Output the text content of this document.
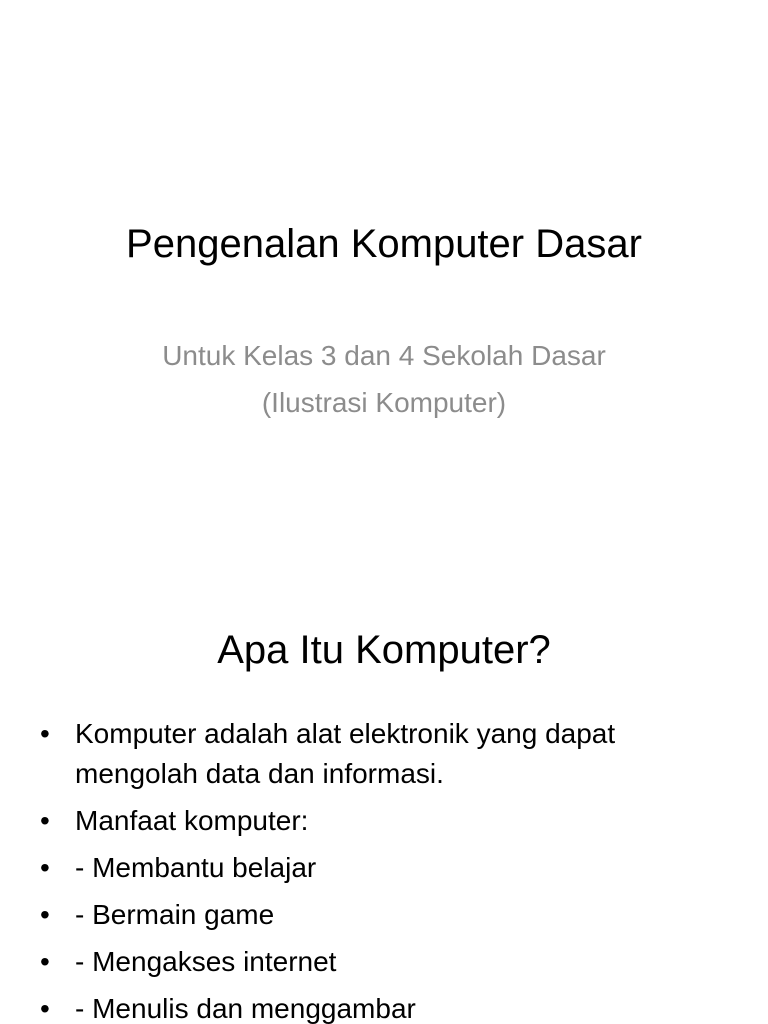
Pengenalan Komputer Dasar

Untuk Kelas 3 dan 4 Sekolah Dasar
(Ilustrasi Komputer)

Apa Itu Komputer?
• Komputer adalah alat elektronik yang dapat mengolah data dan informasi.
• Manfaat komputer:
• - Membantu belajar
• - Bermain game
• - Mengakses internet
• - Menulis dan menggambar
